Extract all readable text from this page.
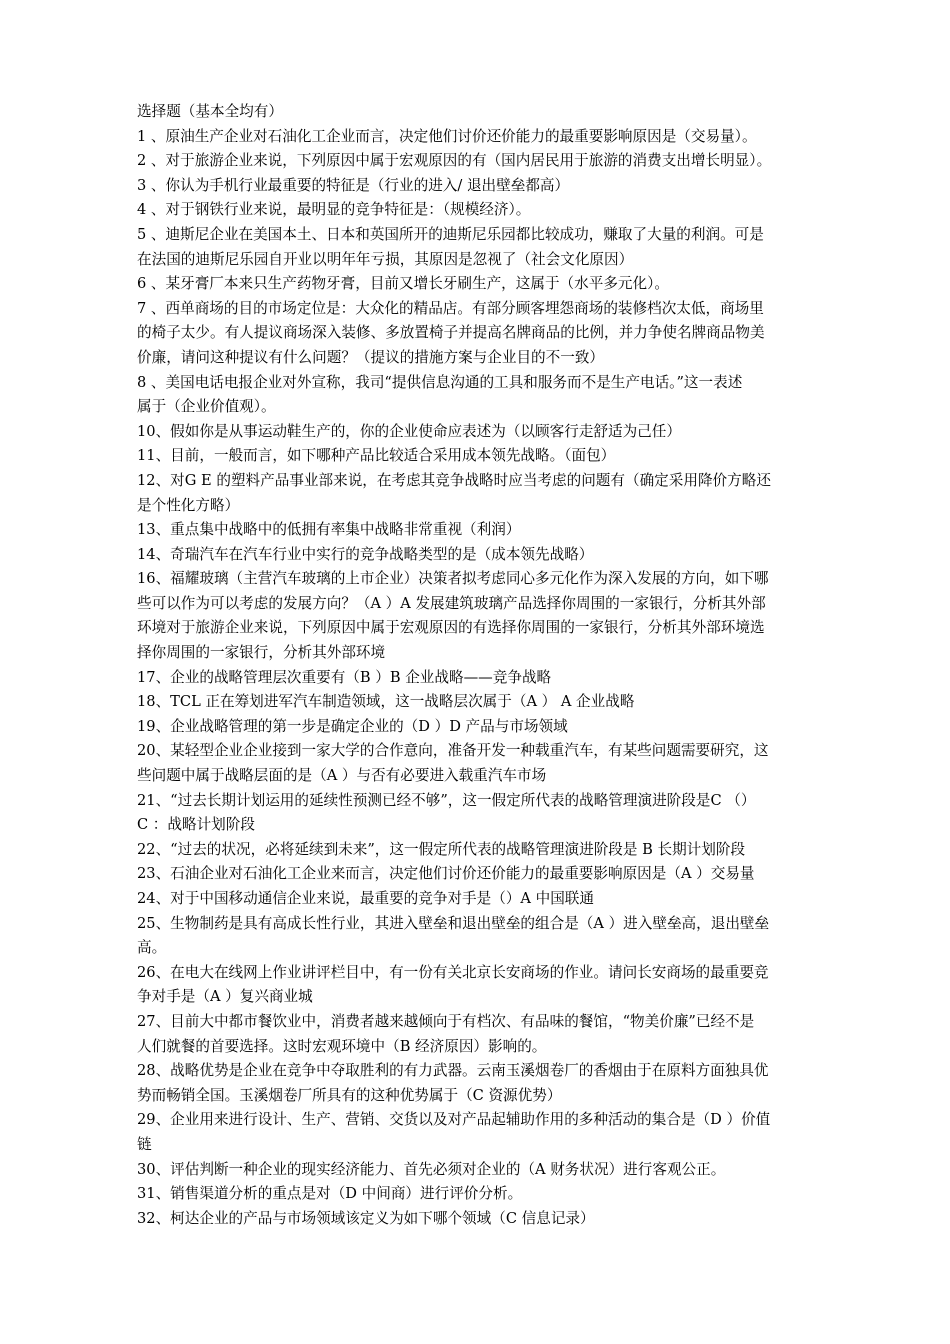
选择题（基本全均有）
1 、原油生产企业对石油化工企业而言，决定他们讨价还价能力的最重要影响原因是（交易量）。
2 、对于旅游企业来说，下列原因中属于宏观原因的有（国内居民用于旅游的消费支出增长明显）。
3 、你认为手机行业最重要的特征是（行业的进入/ 退出壁垒都高）
4 、对于钢铁行业来说，最明显的竞争特征是：（规模经济）。
5 、迪斯尼企业在美国本土、日本和英国所开的迪斯尼乐园都比较成功，赚取了大量的利润。可是
在法国的迪斯尼乐园自开业以明年年亏损，其原因是忽视了（社会文化原因）
6 、某牙膏厂本来只生产药物牙膏，目前又增长牙刷生产，这属于（水平多元化）。
7 、西单商场的目的市场定位是：大众化的精品店。有部分顾客埋怨商场的装修档次太低，商场里
的椅子太少。有人提议商场深入装修、多放置椅子并提高名牌商品的比例，并力争使名牌商品物美
价廉，请问这种提议有什么问题？（提议的措施方案与企业目的不一致）
8 、美国电话电报企业对外宣称，我司“提供信息沟通的工具和服务而不是生产电话。”这一表述
属于（企业价值观）。
10、假如你是从事运动鞋生产的，你的企业使命应表述为（以顾客行走舒适为己任）
11、目前，一般而言，如下哪种产品比较适合采用成本领先战略。（面包）
12、对G E 的塑料产品事业部来说，在考虑其竞争战略时应当考虑的问题有（确定采用降价方略还
是个性化方略）
13、重点集中战略中的低拥有率集中战略非常重视（利润）
14、奇瑞汽车在汽车行业中实行的竞争战略类型的是（成本领先战略）
16、福耀玻璃（主营汽车玻璃的上市企业）决策者拟考虑同心多元化作为深入发展的方向，如下哪
些可以作为可以考虑的发展方向？（A ）A 发展建筑玻璃产品选择你周围的一家银行，分析其外部
环境对于旅游企业来说，下列原因中属于宏观原因的有选择你周围的一家银行，分析其外部环境选
择你周围的一家银行，分析其外部环境
17、企业的战略管理层次重要有（B ）B 企业战略——竞争战略
18、TCL 正在筹划进军汽车制造领域，这一战略层次属于（A ） A 企业战略
19、企业战略管理的第一步是确定企业的（D ）D 产品与市场领域
20、某轻型企业企业接到一家大学的合作意向，准备开发一种载重汽车，有某些问题需要研究，这
些问题中属于战略层面的是（A ）与否有必要进入载重汽车市场
21、“过去长期计划运用的延续性预测已经不够”，这一假定所代表的战略管理演进阶段是C （）
C ：战略计划阶段
22、“过去的状况，必将延续到未来”，这一假定所代表的战略管理演进阶段是 B 长期计划阶段
23、石油企业对石油化工企业来而言，决定他们讨价还价能力的最重要影响原因是（A ）交易量
24、对于中国移动通信企业来说，最重要的竞争对手是（）A 中国联通
25、生物制药是具有高成长性行业，其进入壁垒和退出壁垒的组合是（A ）进入壁垒高，退出壁垒
高。
26、在电大在线网上作业讲评栏目中，有一份有关北京长安商场的作业。请问长安商场的最重要竞
争对手是（A ）复兴商业城
27、目前大中都市餐饮业中，消费者越来越倾向于有档次、有品味的餐馆，“物美价廉”已经不是
人们就餐的首要选择。这时宏观环境中（B 经济原因）影响的。
28、战略优势是企业在竞争中夺取胜利的有力武器。云南玉溪烟卷厂的香烟由于在原料方面独具优
势而畅销全国。玉溪烟卷厂所具有的这种优势属于（C 资源优势）
29、企业用来进行设计、生产、营销、交货以及对产品起辅助作用的多种活动的集合是（D ）价值
链
30、评估判断一种企业的现实经济能力、首先必须对企业的（A 财务状况）进行客观公正。
31、销售渠道分析的重点是对（D 中间商）进行评价分析。
32、柯达企业的产品与市场领域该定义为如下哪个领域（C 信息记录）
